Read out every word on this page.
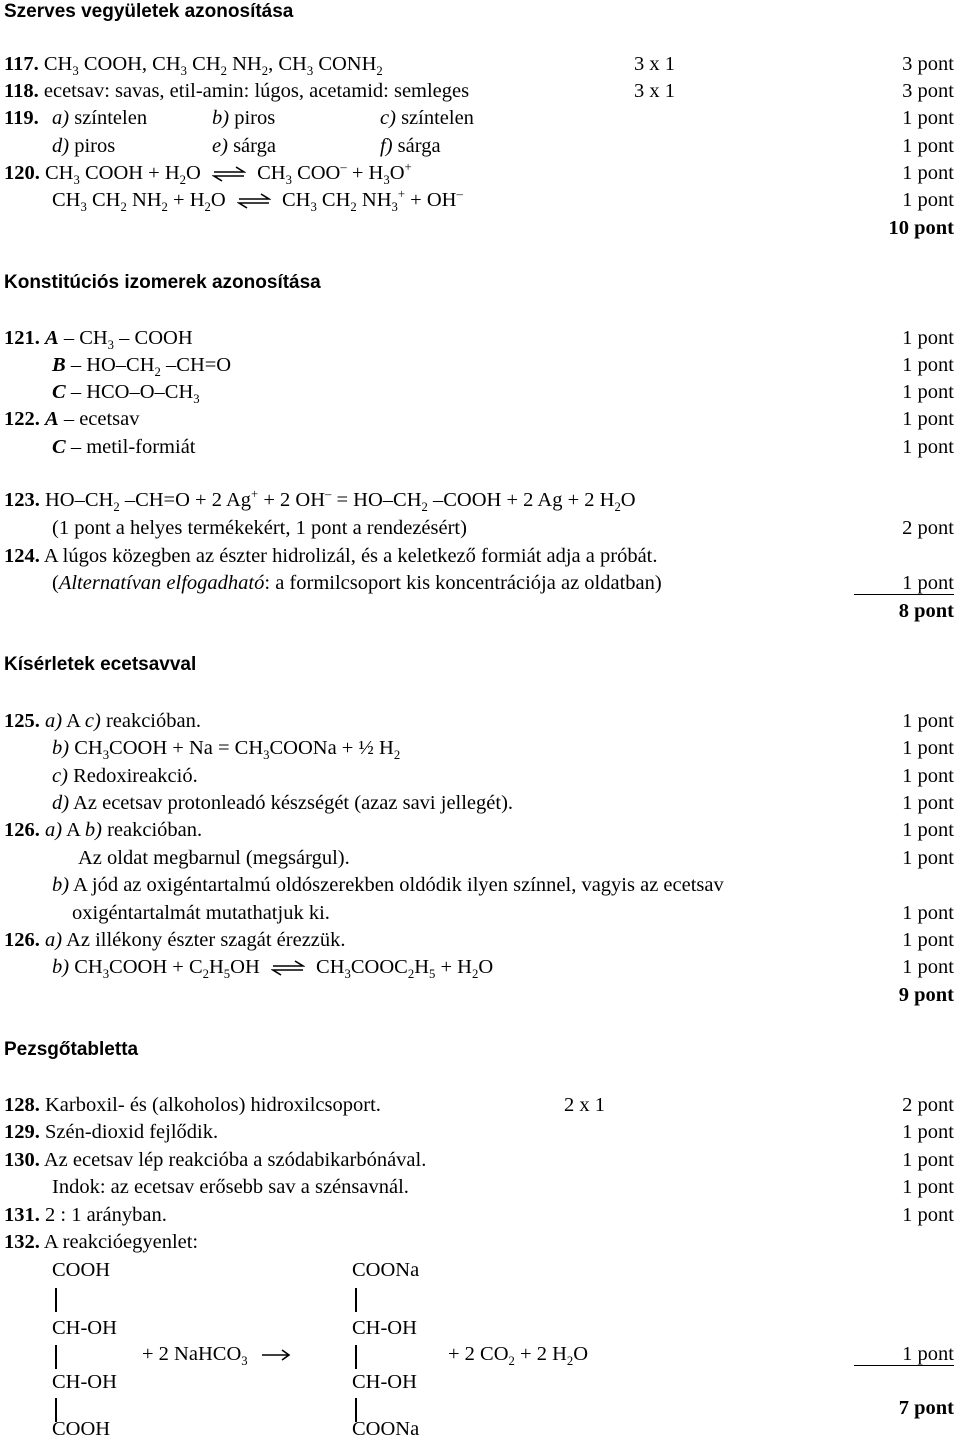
Szerves vegyületek azonosítása
117. $CH_3$ COOH, $CH_3$ $CH_2$ $NH_2$, $CH_3$ $CONH_2$	3 x 1	3 pont
118. ecetsav: savas, etil-amin: lúgos, acetamid: semleges	3 x 1	3 pont
119. a) színtelen	b) piros	c) színtelen	1 pont
d) piros	e) sárga	f) sárga	1 pont
120. $CH_3$ COOH + $H_2O$ ⇌ $CH_3$ $COO^- + H_3O^+$	1 pont
$CH_3$ $CH_2$ $NH_2 + H_2O$ ⇌ $CH_3$ $CH_2$ $NH_3^+ + OH^-$	1 pont
10 pont
Konstitúciós izomerek azonosítása
121. A – $CH_3$ – COOH	1 pont
B – $HO-CH_2$ –CH=O	1 pont
C – HCO–$O-CH_3$	1 pont
122. A – ecetsav	1 pont
C – metil-formiát	1 pont
123. $HO-CH_2$ –CH=O + 2 Ag+ + 2 $OH^- = HO-CH_2$ –COOH + 2 Ag + 2 $H_2O$
(1 pont a helyes termékekért, 1 pont a rendezésért)	2 pont
124. A lúgos közegben az észter hidrolizál, és a keletkező formiát adja a próbát.
(Alternatívan elfogadható: a formilcsoport kis koncentrációja az oldatban)	1 pont
8 pont
Kísérletek ecetsavval
125. a) A c) reakcióban.	1 pont
b) $CH_3COOH + Na$ = $CH_3COONa$ + ½ $H_2$	1 pont
c) Redoxireakció.	1 pont
d) Az ecetsav protonleadó készségét (azaz savi jellegét).	1 pont
126. a) A b) reakcióban.	1 pont
Az oldat megbarnul (megsárgul).	1 pont
b) A jód az oxigéntartalmú oldószerekben oldódik ilyen színnel, vagyis az ecetsav
oxigéntartalmát mutathatjuk ki.	1 pont
126. a) Az illékony észter szagát érezzük.	1 pont
b) $CH_3COOH + C_2H_5OH$ ⇌ $CH_3COOC_2H_5 + H_2O$	1 pont
9 pont
Pezsgőtabletta
128. Karboxil- és (alkoholos) hidroxilcsoport.	2 x 1	2 pont
129. Szén-dioxid fejlődik.	1 pont
130. Az ecetsav lép reakcióba a szódabikarbónával.	1 pont
Indok: az ecetsav erősebb sav a szénsavnál.	1 pont
131. 2 : 1 arányban.	1 pont
132. A reakcióegyenlet:
COOH
CH-OH
CH-OH
COOH
+ 2 NaHCO$_3$
COONa
CH-OH
CH-OH
COONa
+ 2 $CO_2 + 2$ $H_2O$	1 pont
7 pont
